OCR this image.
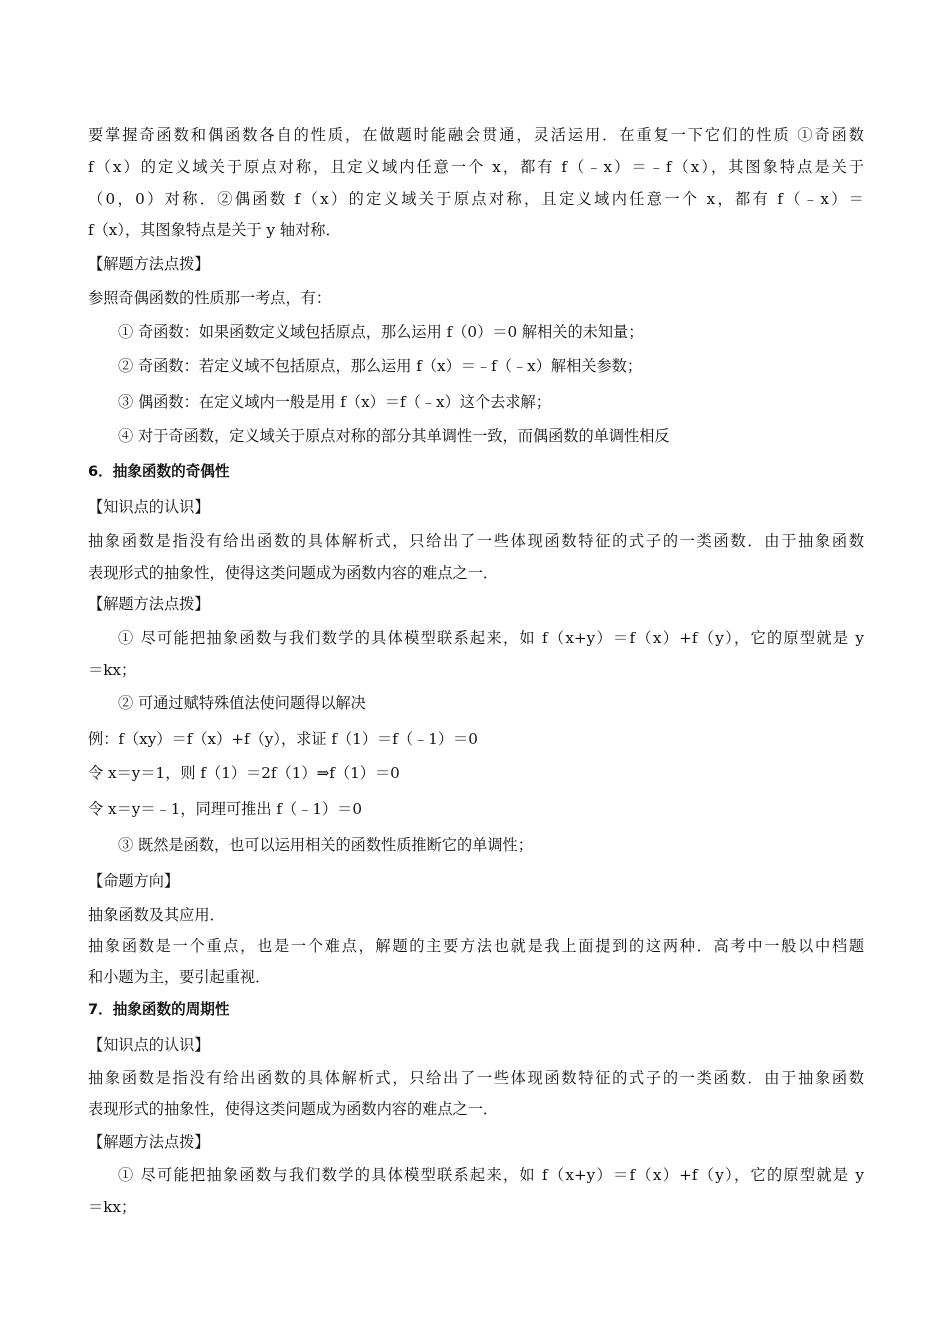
要掌握奇函数和偶函数各自的性质，在做题时能融会贯通，灵活运用．在重复一下它们的性质 ①奇函数
f（x）的定义域关于原点对称，且定义域内任意一个 x，都有 f（﹣x）＝﹣f（x），其图象特点是关于
（0，0）对称．②偶函数 f（x）的定义域关于原点对称，且定义域内任意一个 x，都有 f（﹣x）＝
f（x），其图象特点是关于 y 轴对称．
【解题方法点拨】
参照奇偶函数的性质那一考点，有：
① 奇函数：如果函数定义域包括原点，那么运用 f（0）＝0 解相关的未知量；
② 奇函数：若定义域不包括原点，那么运用 f（x）＝﹣f（﹣x）解相关参数；
③ 偶函数：在定义域内一般是用 f（x）＝f（﹣x）这个去求解；
④ 对于奇函数，定义域关于原点对称的部分其单调性一致，而偶函数的单调性相反
6．抽象函数的奇偶性
【知识点的认识】
抽象函数是指没有给出函数的具体解析式，只给出了一些体现函数特征的式子的一类函数．由于抽象函数
表现形式的抽象性，使得这类问题成为函数内容的难点之一．
【解题方法点拨】
① 尽可能把抽象函数与我们数学的具体模型联系起来，如 f（x+y）＝f（x）+f（y），它的原型就是 y
＝kx；
② 可通过赋特殊值法使问题得以解决
例：f（xy）＝f（x）+f（y），求证 f（1）＝f（﹣1）＝0
令 x＝y＝1，则 f（1）＝2f（1）⇒f（1）＝0
令 x＝y＝﹣1，同理可推出 f（﹣1）＝0
③ 既然是函数，也可以运用相关的函数性质推断它的单调性；
【命题方向】
抽象函数及其应用．
抽象函数是一个重点，也是一个难点，解题的主要方法也就是我上面提到的这两种．高考中一般以中档题
和小题为主，要引起重视．
7．抽象函数的周期性
【知识点的认识】
抽象函数是指没有给出函数的具体解析式，只给出了一些体现函数特征的式子的一类函数．由于抽象函数
表现形式的抽象性，使得这类问题成为函数内容的难点之一．
【解题方法点拨】
① 尽可能把抽象函数与我们数学的具体模型联系起来，如 f（x+y）＝f（x）+f（y），它的原型就是 y
＝kx；
